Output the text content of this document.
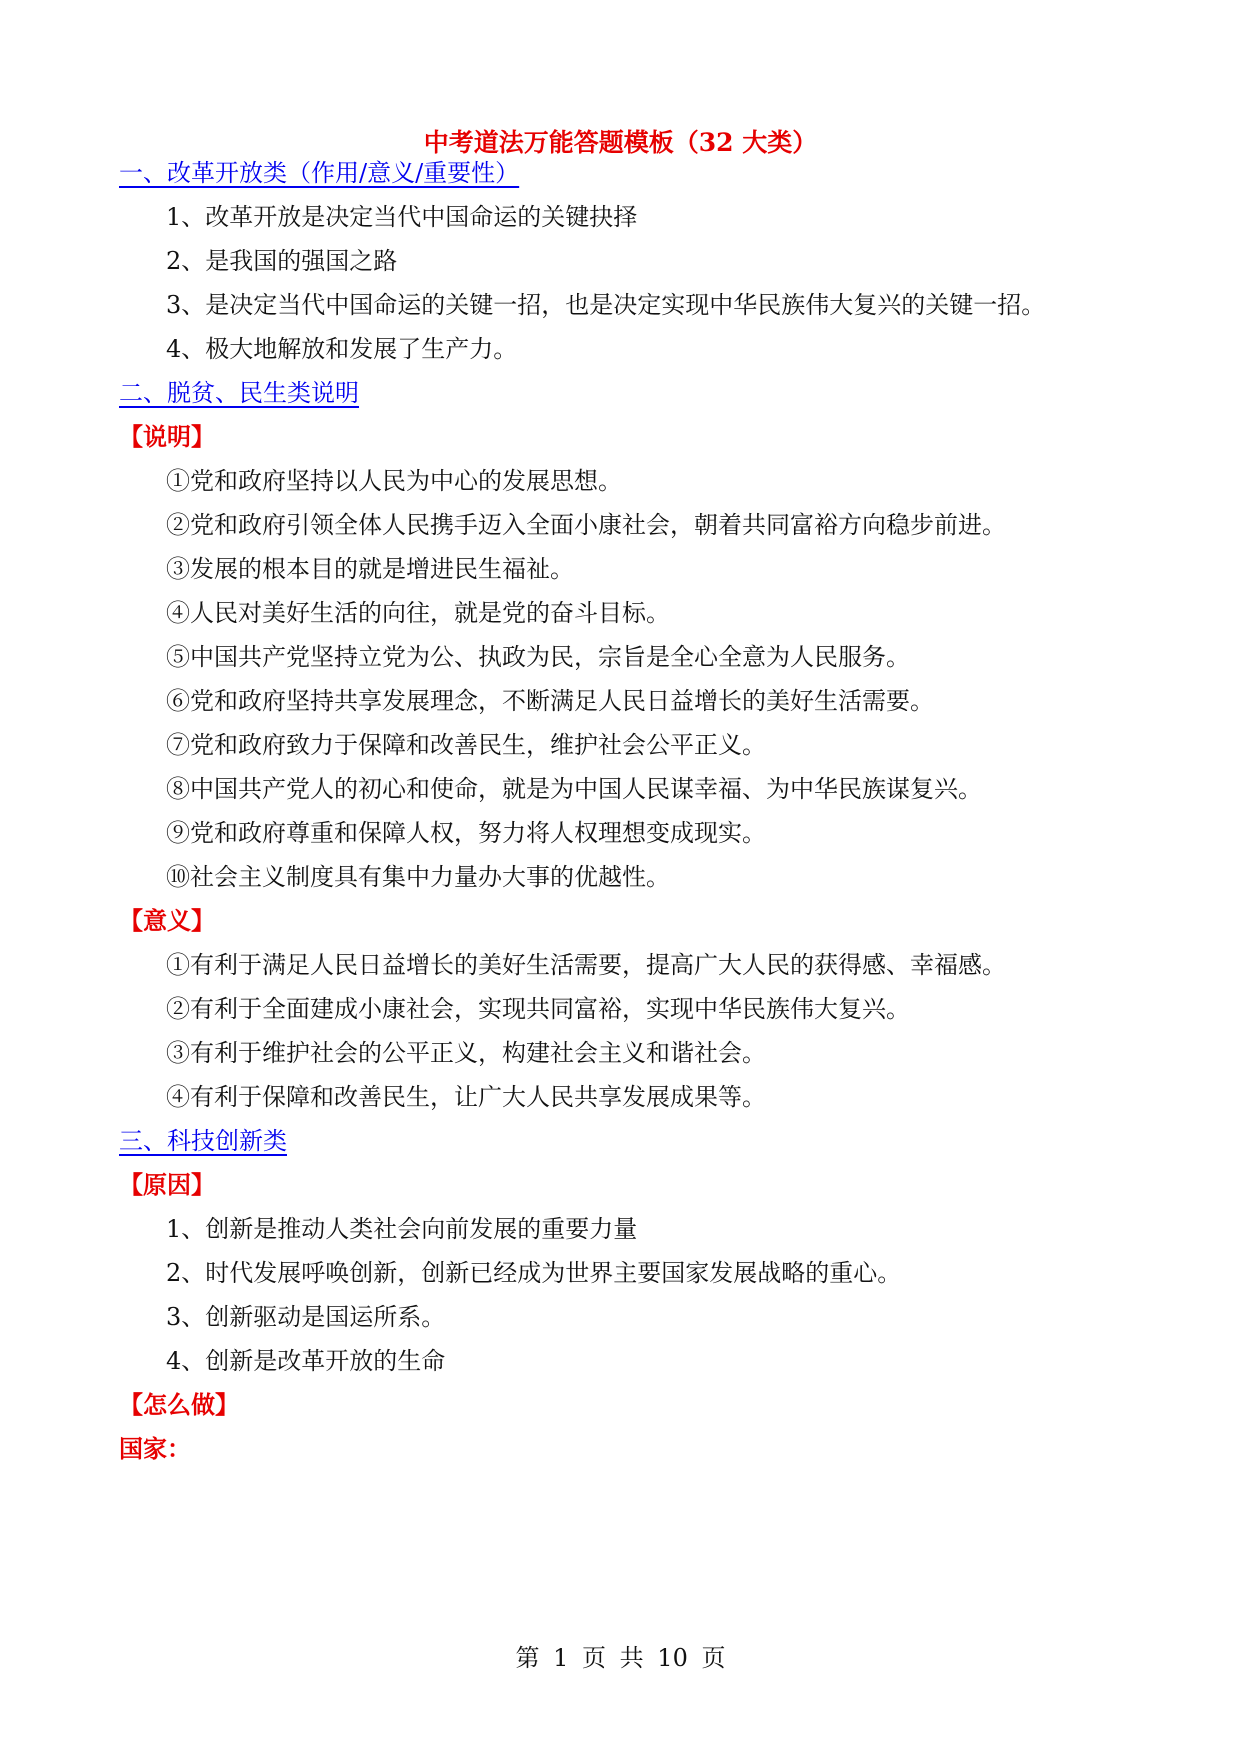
中考道法万能答题模板（32 大类）
一、改革开放类（作用/意义/重要性）
1、改革开放是决定当代中国命运的关键抉择
2、是我国的强国之路
3、是决定当代中国命运的关键一招，也是决定实现中华民族伟大复兴的关键一招。
4、极大地解放和发展了生产力。
二、脱贫、民生类说明
【说明】
①党和政府坚持以人民为中心的发展思想。
②党和政府引领全体人民携手迈入全面小康社会，朝着共同富裕方向稳步前进。
③发展的根本目的就是增进民生福祉。
④人民对美好生活的向往，就是党的奋斗目标。
⑤中国共产党坚持立党为公、执政为民，宗旨是全心全意为人民服务。
⑥党和政府坚持共享发展理念，不断满足人民日益增长的美好生活需要。
⑦党和政府致力于保障和改善民生，维护社会公平正义。
⑧中国共产党人的初心和使命，就是为中国人民谋幸福、为中华民族谋复兴。
⑨党和政府尊重和保障人权，努力将人权理想变成现实。
⑩社会主义制度具有集中力量办大事的优越性。
【意义】
①有利于满足人民日益增长的美好生活需要，提高广大人民的获得感、幸福感。
②有利于全面建成小康社会，实现共同富裕，实现中华民族伟大复兴。
③有利于维护社会的公平正义，构建社会主义和谐社会。
④有利于保障和改善民生，让广大人民共享发展成果等。
三、科技创新类
【原因】
1、创新是推动人类社会向前发展的重要力量
2、时代发展呼唤创新，创新已经成为世界主要国家发展战略的重心。
3、创新驱动是国运所系。
4、创新是改革开放的生命
【怎么做】
国家：
第 1 页 共 10 页
